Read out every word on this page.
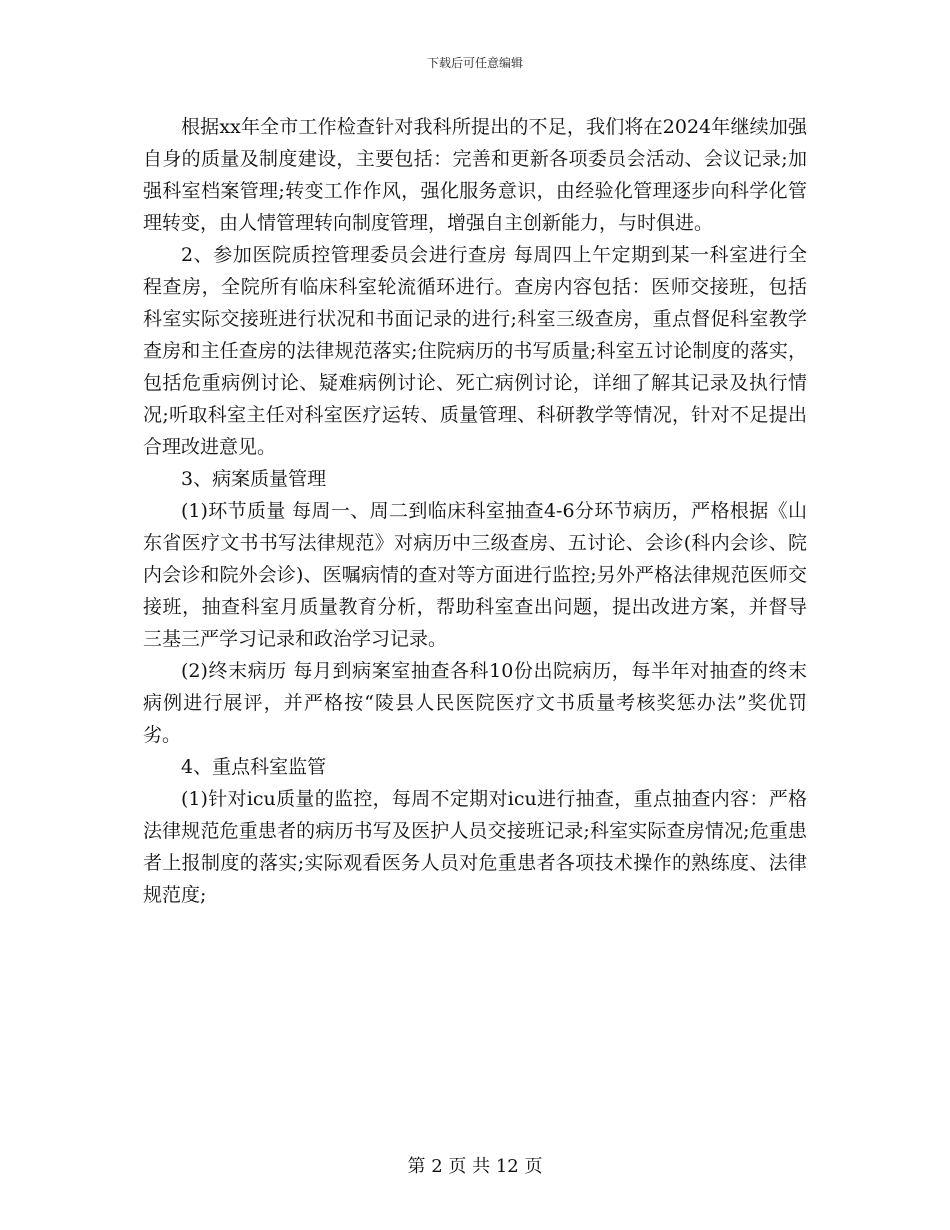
下载后可任意编辑

根据xx年全市工作检查针对我科所提出的不足，我们将在2024年继续加强自身的质量及制度建设，主要包括：完善和更新各项委员会活动、会议记录;加强科室档案管理;转变工作作风，强化服务意识，由经验化管理逐步向科学化管理转变，由人情管理转向制度管理，增强自主创新能力，与时俱进。

2、参加医院质控管理委员会进行查房 每周四上午定期到某一科室进行全程查房，全院所有临床科室轮流循环进行。查房内容包括：医师交接班，包括科室实际交接班进行状况和书面记录的进行;科室三级查房，重点督促科室教学查房和主任查房的法律规范落实;住院病历的书写质量;科室五讨论制度的落实，包括危重病例讨论、疑难病例讨论、死亡病例讨论，详细了解其记录及执行情况;听取科室主任对科室医疗运转、质量管理、科研教学等情况，针对不足提出合理改进意见。

3、病案质量管理

(1)环节质量 每周一、周二到临床科室抽查4-6分环节病历，严格根据《山东省医疗文书书写法律规范》对病历中三级查房、五讨论、会诊(科内会诊、院内会诊和院外会诊)、医嘱病情的查对等方面进行监控;另外严格法律规范医师交接班，抽查科室月质量教育分析，帮助科室查出问题，提出改进方案，并督导三基三严学习记录和政治学习记录。

(2)终末病历 每月到病案室抽查各科10份出院病历，每半年对抽查的终末病例进行展评，并严格按“陵县人民医院医疗文书质量考核奖惩办法”奖优罚劣。

4、重点科室监管

(1)针对icu质量的监控，每周不定期对icu进行抽查，重点抽查内容：严格法律规范危重患者的病历书写及医护人员交接班记录;科室实际查房情况;危重患者上报制度的落实;实际观看医务人员对危重患者各项技术操作的熟练度、法律规范度;

第 2 页 共 12 页
